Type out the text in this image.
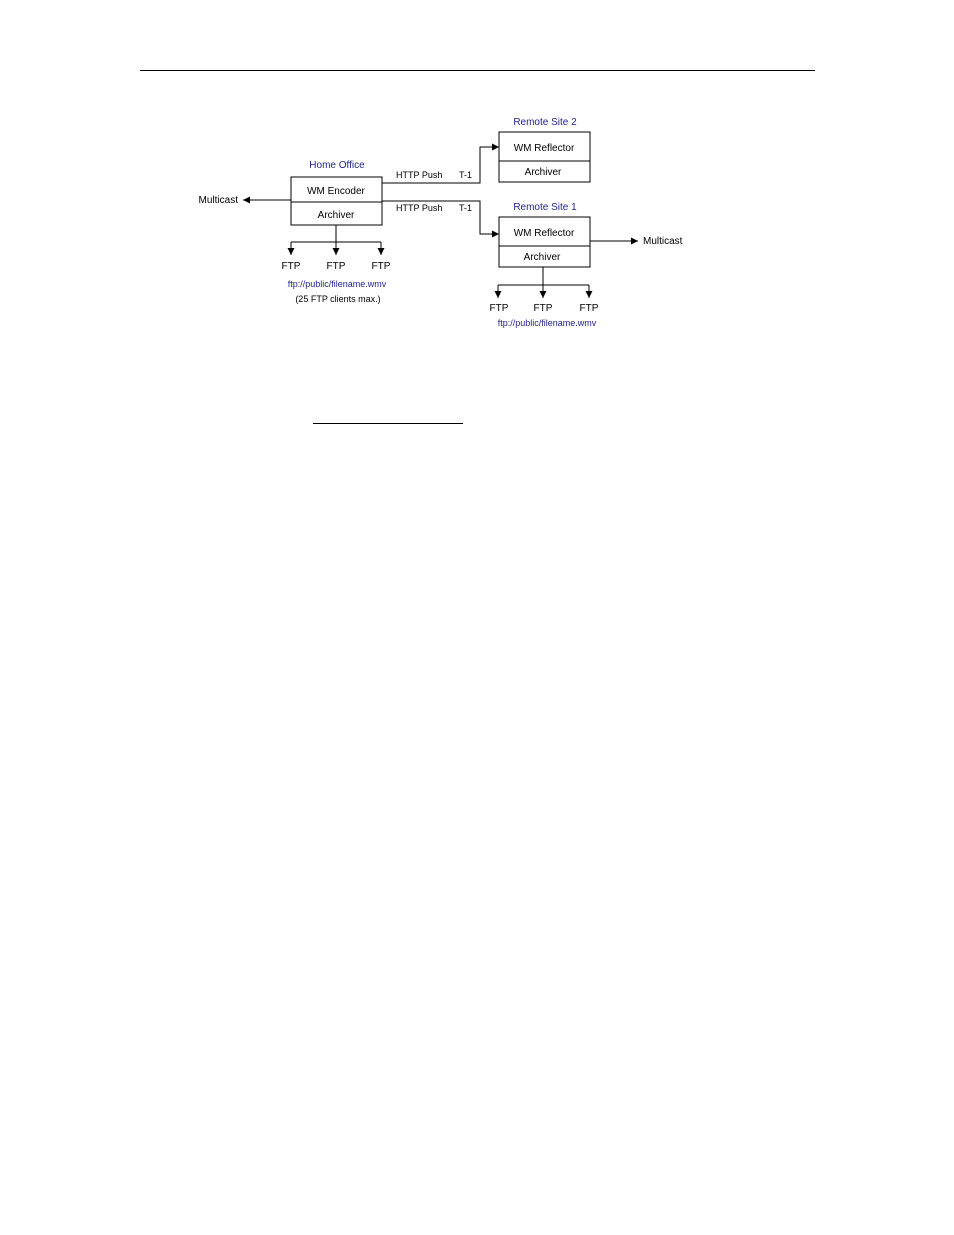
Home Office
WM Encoder
Archiver
Multicast
FTP	FTP	FTP
ftp://public/filename.wmv
(25 FTP clients max.)
HTTP Push T-1
HTTP Push T-1
Remote Site 2
WM Reflector
Archiver
Remote Site 1
WM Reflector
Archiver
Multicast
FTP	FTP	FTP
ftp://public/filename.wmv
